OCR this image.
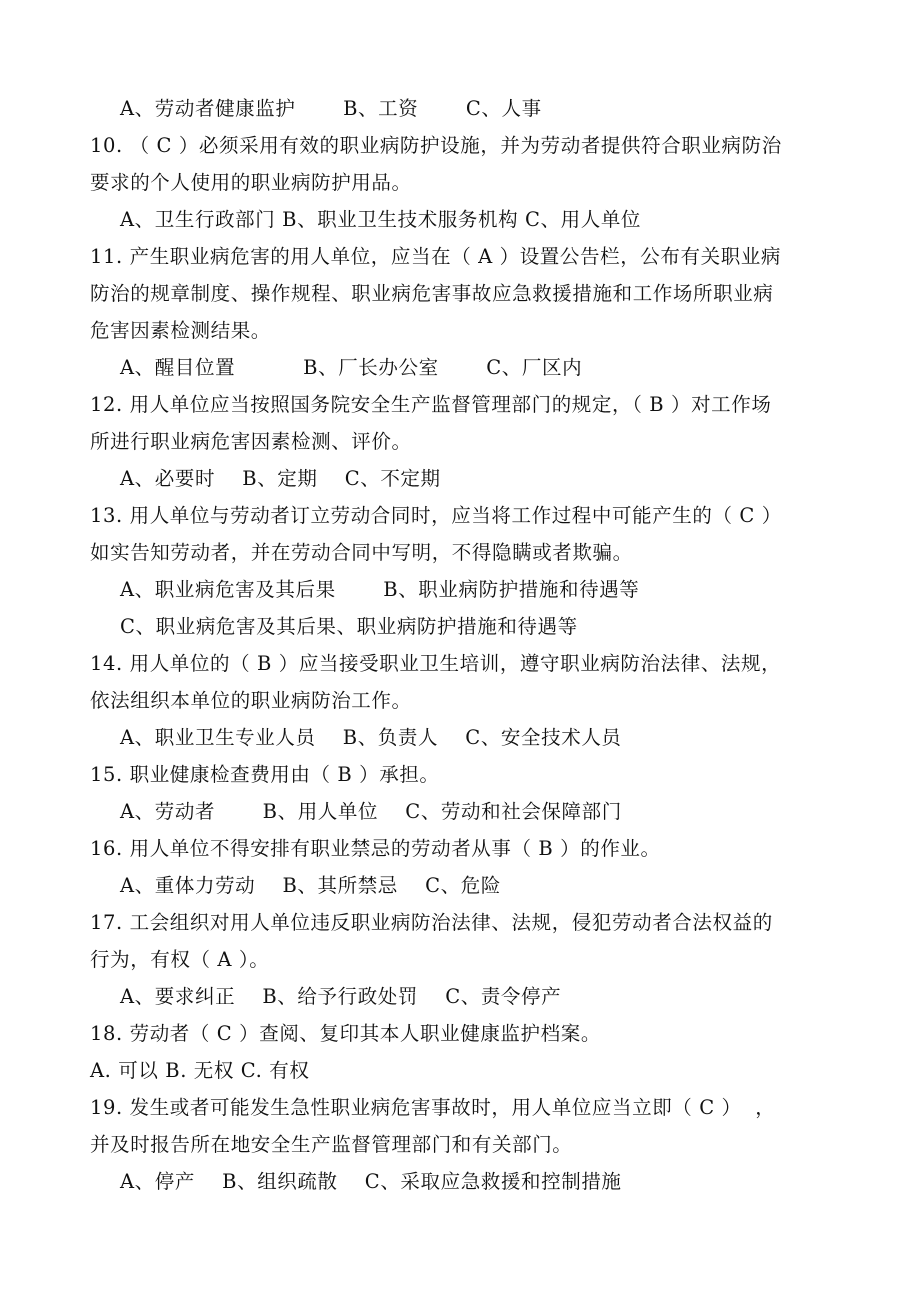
A、劳动者健康监护       B、工资       C、人事
10. （ C ）必须采用有效的职业病防护设施，并为劳动者提供符合职业病防治
要求的个人使用的职业病防护用品。
A、卫生行政部门 B、职业卫生技术服务机构 C、用人单位
11. 产生职业病危害的用人单位，应当在（ A ）设置公告栏，公布有关职业病
防治的规章制度、操作规程、职业病危害事故应急救援措施和工作场所职业病
危害因素检测结果。
A、醒目位置          B、厂长办公室       C、厂区内
12. 用人单位应当按照国务院安全生产监督管理部门的规定，（ B ）对工作场
所进行职业病危害因素检测、评价。
A、必要时    B、定期    C、不定期
13. 用人单位与劳动者订立劳动合同时，应当将工作过程中可能产生的（ C ）
如实告知劳动者，并在劳动合同中写明，不得隐瞒或者欺骗。
A、职业病危害及其后果       B、职业病防护措施和待遇等
C、职业病危害及其后果、职业病防护措施和待遇等
14. 用人单位的（ B ）应当接受职业卫生培训，遵守职业病防治法律、法规，
依法组织本单位的职业病防治工作。
A、职业卫生专业人员    B、负责人    C、安全技术人员
15. 职业健康检查费用由（ B ）承担。
A、劳动者       B、用人单位    C、劳动和社会保障部门
16. 用人单位不得安排有职业禁忌的劳动者从事（ B ）的作业。
A、重体力劳动    B、其所禁忌    C、危险
17. 工会组织对用人单位违反职业病防治法律、法规，侵犯劳动者合法权益的
行为，有权（ A ）。
A、要求纠正    B、给予行政处罚    C、责令停产
18. 劳动者（ C ）查阅、复印其本人职业健康监护档案。
A. 可以 B. 无权 C. 有权
19. 发生或者可能发生急性职业病危害事故时，用人单位应当立即（ C ）  ，
并及时报告所在地安全生产监督管理部门和有关部门。
A、停产    B、组织疏散    C、采取应急救援和控制措施
